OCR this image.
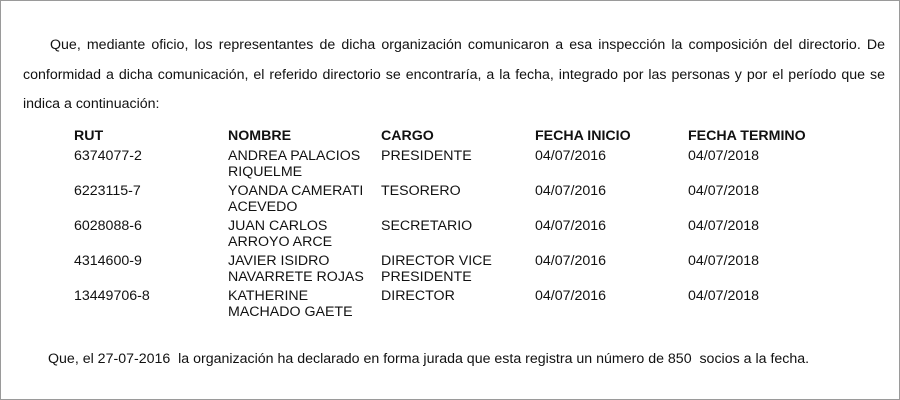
Que, mediante oficio, los representantes de dicha organización comunicaron a esa inspección la composición del directorio. De conformidad a dicha comunicación, el referido directorio se encontraría, a la fecha, integrado por las personas y por el período que se indica a continuación:

RUT	NOMBRE	CARGO	FECHA INICIO	FECHA TERMINO
6374077-2	ANDREA PALACIOS
RIQUELME
PRESIDENTE	04/07/2016	04/07/2018
6223115-7	YOANDA CAMERATI
ACEVEDO
TESORERO	04/07/2016	04/07/2018
6028088-6	JUAN CARLOS
ARROYO ARCE
SECRETARIO	04/07/2016	04/07/2018
4314600-9	JAVIER ISIDRO
NAVARRETE ROJAS
DIRECTOR VICE
PRESIDENTE
04/07/2016	04/07/2018
13449706-8	KATHERINE
MACHADO GAETE
DIRECTOR	04/07/2016	04/07/2018

Que, el 27-07-2016  la organización ha declarado en forma jurada que esta registra un número de 850  socios a la fecha.
